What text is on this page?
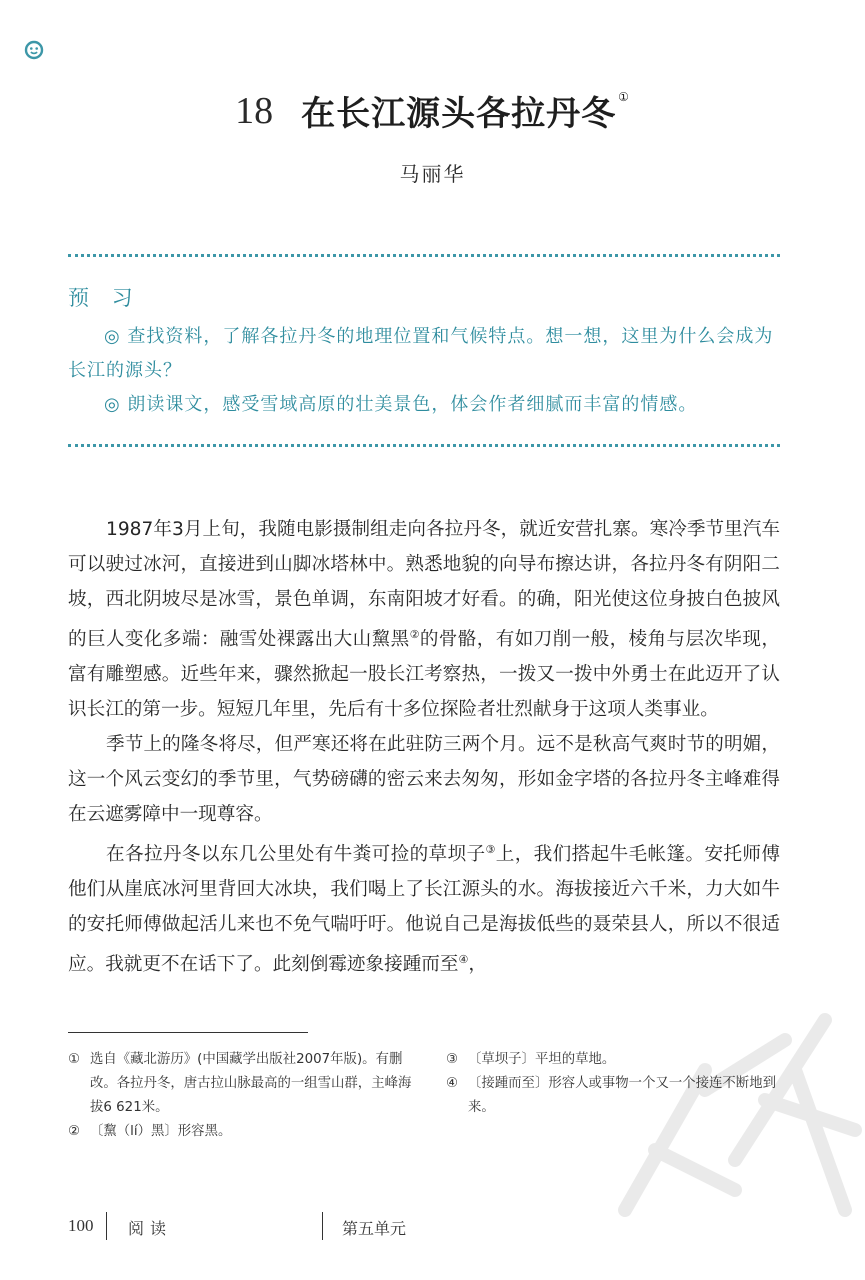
18 在长江源头各拉丹冬 ①
马丽华
预 习

◎ 查找资料，了解各拉丹冬的地理位置和气候特点。想一想，这里为什么会成为长江的源头？

◎ 朗读课文，感受雪域高原的壮美景色，体会作者细腻而丰富的情感。

1987年3月上旬，我随电影摄制组走向各拉丹冬，就近安营扎寨。寒冷季节里汽车可以驶过冰河，直接进到山脚冰塔林中。熟悉地貌的向导布擦达讲，各拉丹冬有阴阳二坡，西北阴坡尽是冰雪，景色单调，东南阳坡才好看。的确，阳光使这位身披白色披风的巨人变化多端：融雪处裸露出大山黧黑②的骨骼，有如刀削一般，棱角与层次毕现，富有雕塑感。近些年来，骤然掀起一股长江考察热，一拨又一拨中外勇士在此迈开了认识长江的第一步。短短几年里，先后有十多位探险者壮烈献身于这项人类事业。

季节上的隆冬将尽，但严寒还将在此驻防三两个月。远不是秋高气爽时节的明媚，这一个风云变幻的季节里，气势磅礴的密云来去匆匆，形如金字塔的各拉丹冬主峰难得在云遮雾障中一现尊容。

在各拉丹冬以东几公里处有牛粪可捡的草坝子③上，我们搭起牛毛帐篷。安托师傅他们从崖底冰河里背回大冰块，我们喝上了长江源头的水。海拔接近六千米，力大如牛的安托师傅做起活儿来也不免气喘吁吁。他说自己是海拔低些的聂荣县人，所以不很适应。我就更不在话下了。此刻倒霉迹象接踵而至④，

① 选自《藏北游历》(中国藏学出版社2007年版)。有删改。各拉丹冬，唐古拉山脉最高的一组雪山群，主峰海拔6 621米。

② 〔黧（lí）黑〕形容黑。

③ 〔草坝子〕平坦的草地。

④ 〔接踵而至〕形容人或事物一个又一个接连不断地到来。

100 阅读	第五单元
